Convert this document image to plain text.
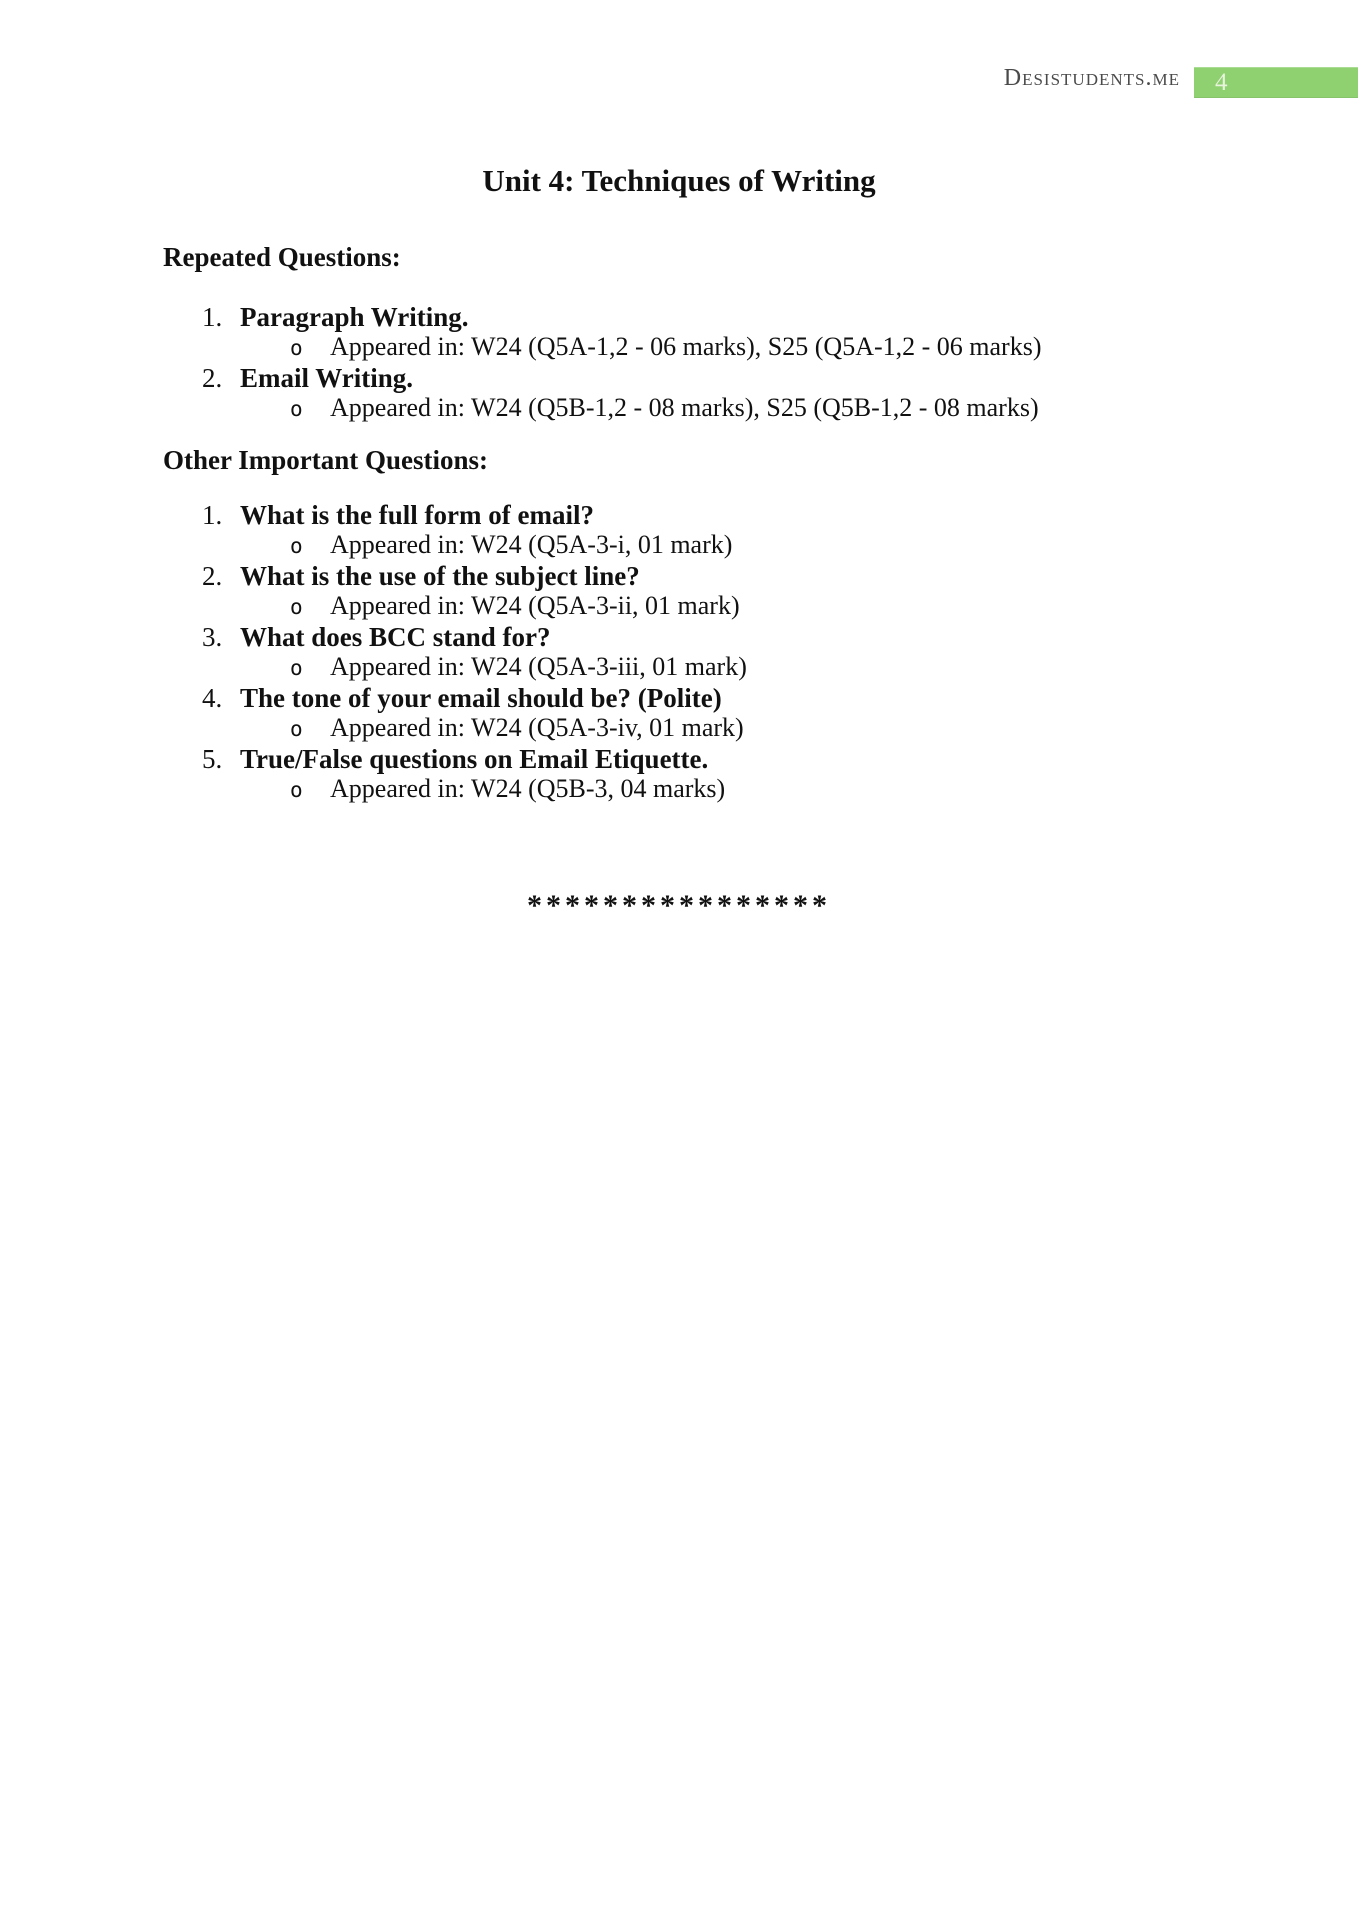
Desistudents.me	4
Unit 4: Techniques of Writing
Repeated Questions:
1. Paragraph Writing.
o	Appeared in: W24 (Q5A-1,2 - 06 marks), S25 (Q5A-1,2 - 06 marks)
2. Email Writing.
o	Appeared in: W24 (Q5B-1,2 - 08 marks), S25 (Q5B-1,2 - 08 marks)
Other Important Questions:
1. What is the full form of email?
o	Appeared in: W24 (Q5A-3-i, 01 mark)
2. What is the use of the subject line?
o	Appeared in: W24 (Q5A-3-ii, 01 mark)
3. What does BCC stand for?
o	Appeared in: W24 (Q5A-3-iii, 01 mark)
4. The tone of your email should be? (Polite)
o	Appeared in: W24 (Q5A-3-iv, 01 mark)
5. True/False questions on Email Etiquette.
o	Appeared in: W24 (Q5B-3, 04 marks)
****************
